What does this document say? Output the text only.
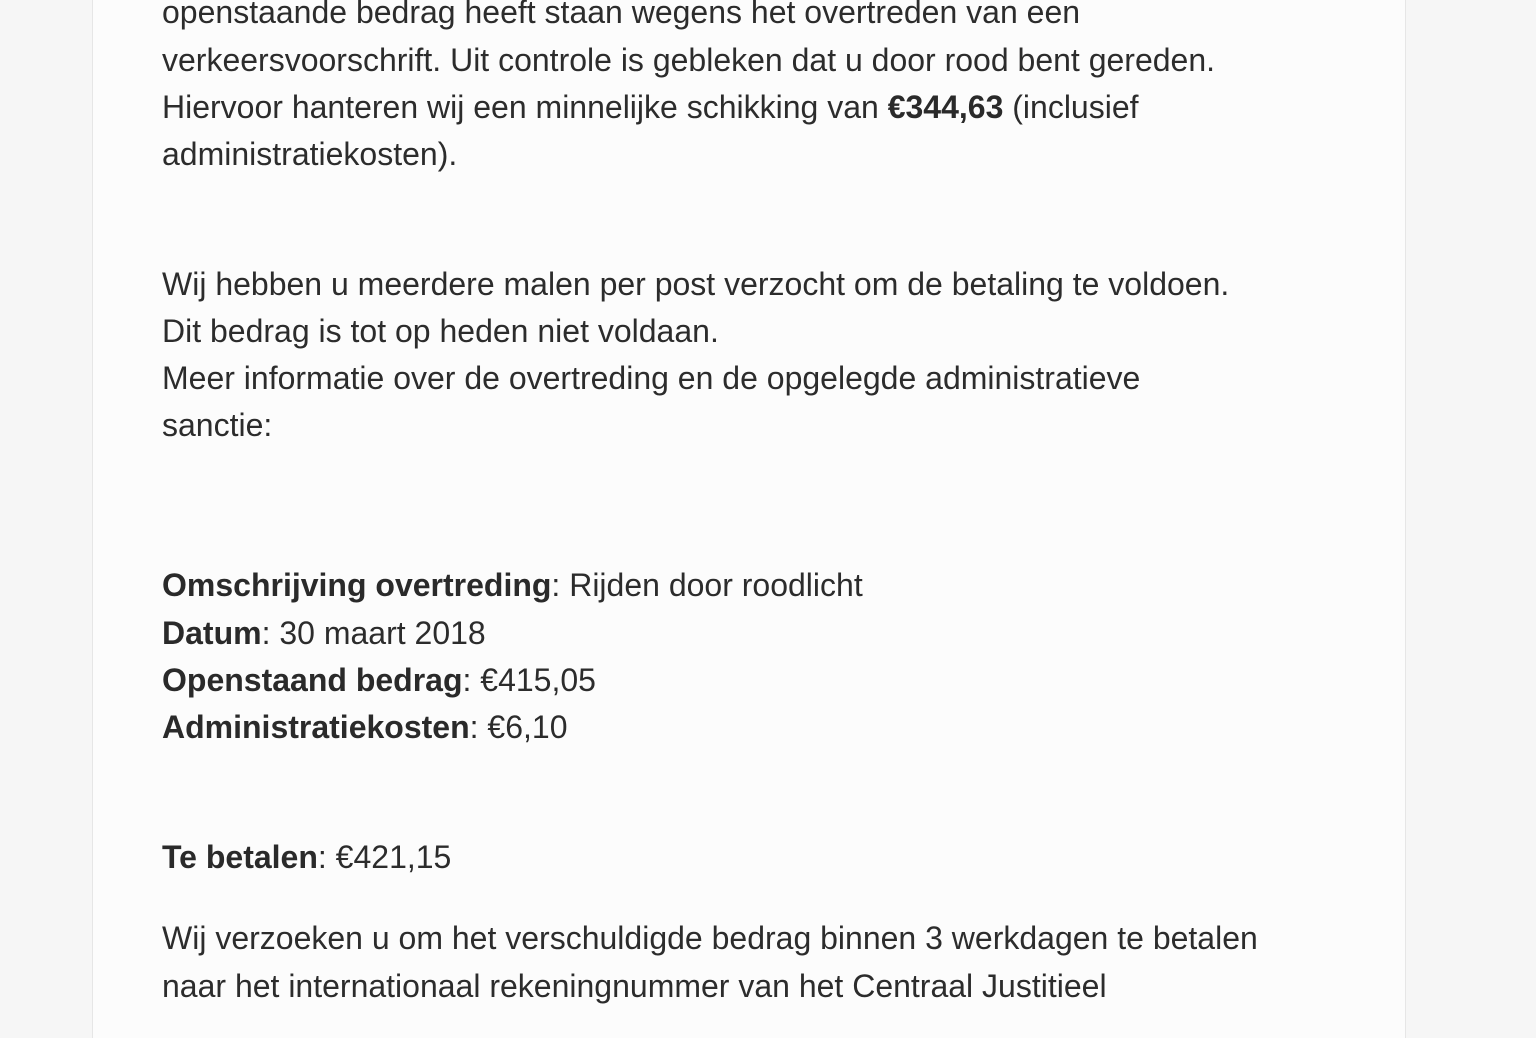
openstaande bedrag heeft staan wegens het overtreden van een

verkeersvoorschrift. Uit controle is gebleken dat u door rood bent gereden.

Hiervoor hanteren wij een minnelijke schikking van €344,63 (inclusief

administratiekosten).

Wij hebben u meerdere malen per post verzocht om de betaling te voldoen.

Dit bedrag is tot op heden niet voldaan.

Meer informatie over de overtreding en de opgelegde administratieve

sanctie:

Omschrijving overtreding: Rijden door roodlicht

Datum: 30 maart 2018

Openstaand bedrag: €415,05

Administratiekosten: €6,10

Te betalen: €421,15

Wij verzoeken u om het verschuldigde bedrag binnen 3 werkdagen te betalen

naar het internationaal rekeningnummer van het Centraal Justitieel
